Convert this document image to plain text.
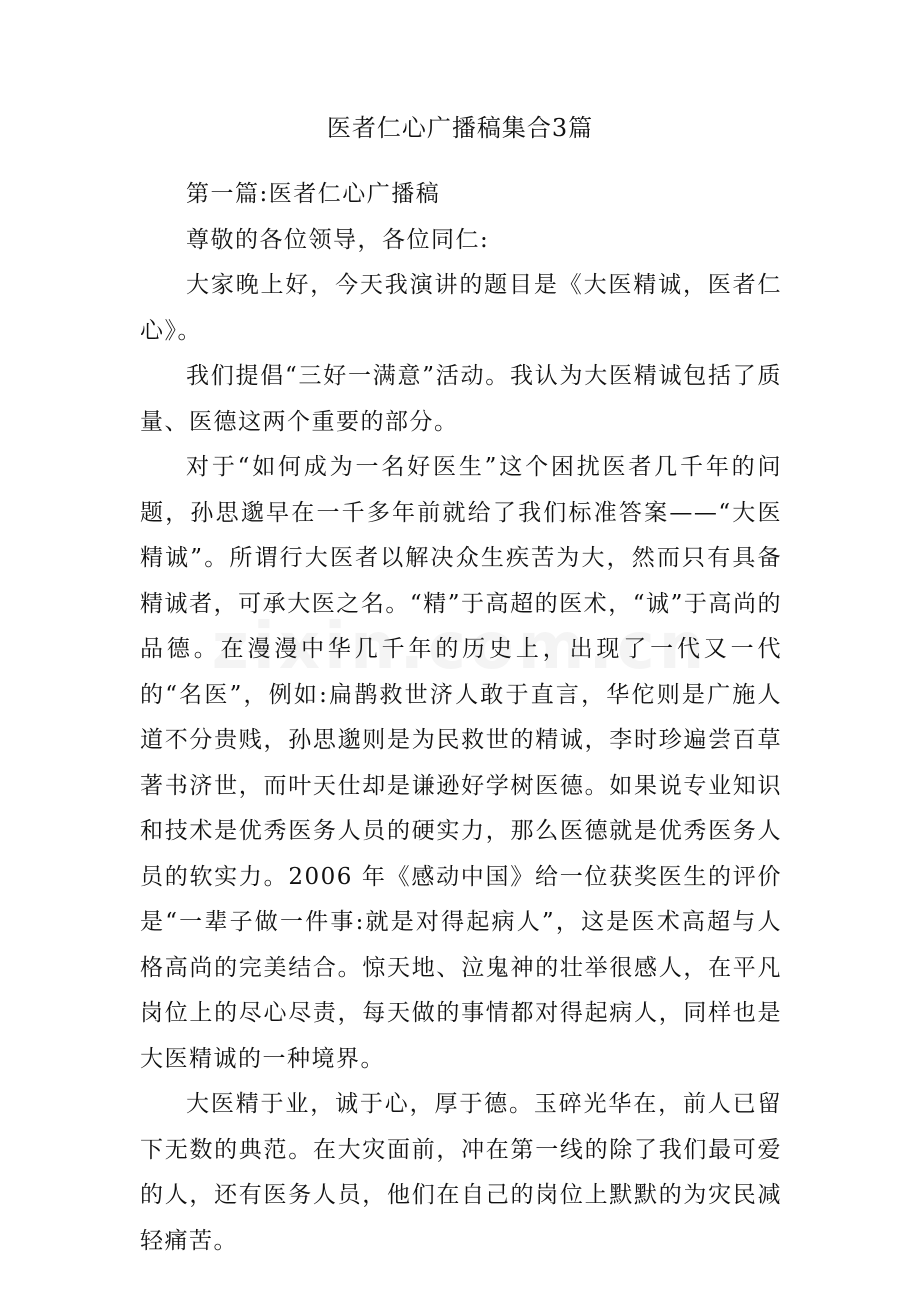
医者仁心广播稿集合3篇

第一篇:医者仁心广播稿

尊敬的各位领导，各位同仁:

大家晚上好，今天我演讲的题目是《大医精诚，医者仁心》。

我们提倡“三好一满意”活动。我认为大医精诚包括了质量、医德这两个重要的部分。

对于“如何成为一名好医生”这个困扰医者几千年的问题，孙思邈早在一千多年前就给了我们标准答案——“大医精诚”。所谓行大医者以解决众生疾苦为大，然而只有具备精诚者，可承大医之名。“精”于高超的医术，“诚”于高尚的品德。在漫漫中华几千年的历史上，出现了一代又一代的“名医”，例如:扁鹊救世济人敢于直言，华佗则是广施人道不分贵贱，孙思邈则是为民救世的精诚，李时珍遍尝百草著书济世，而叶天仕却是谦逊好学树医德。如果说专业知识和技术是优秀医务人员的硬实力，那么医德就是优秀医务人员的软实力。2006 年《感动中国》给一位获奖医生的评价是“一辈子做一件事:就是对得起病人”，这是医术高超与人格高尚的完美结合。惊天地、泣鬼神的壮举很感人，在平凡岗位上的尽心尽责，每天做的事情都对得起病人，同样也是大医精诚的一种境界。

大医精于业，诚于心，厚于德。玉碎光华在，前人已留下无数的典范。在大灾面前，冲在第一线的除了我们最可爱的人，还有医务人员，他们在自己的岗位上默默的为灾民减轻痛苦。
